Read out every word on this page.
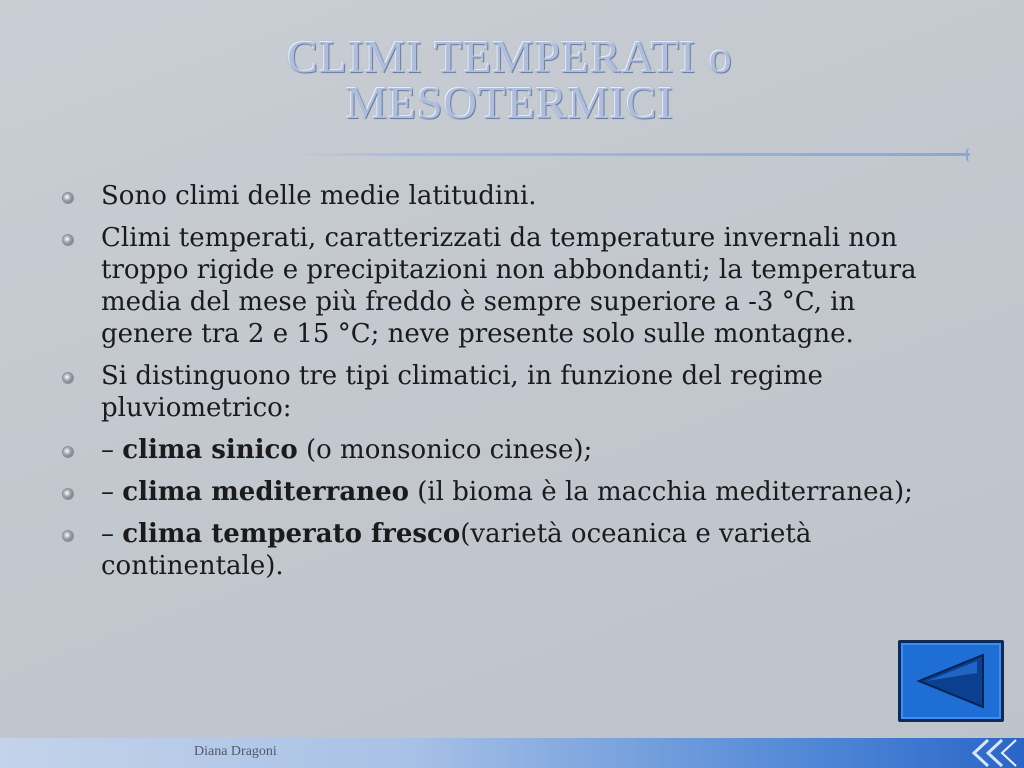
CLIMI TEMPERATI o
MESOTERMICI
Sono climi delle medie latitudini.
Climi temperati, caratterizzati da temperature invernali non troppo rigide e precipitazioni non abbondanti; la temperatura media del mese più freddo è sempre superiore a -3 °C, in genere tra 2 e 15 °C; neve presente solo sulle montagne.
Si distinguono tre tipi climatici, in funzione del regime pluviometrico:
– clima sinico (o monsonico cinese);
– clima mediterraneo (il bioma è la macchia mediterranea);
– clima temperato fresco(varietà oceanica e varietà continentale).
Diana Dragoni
